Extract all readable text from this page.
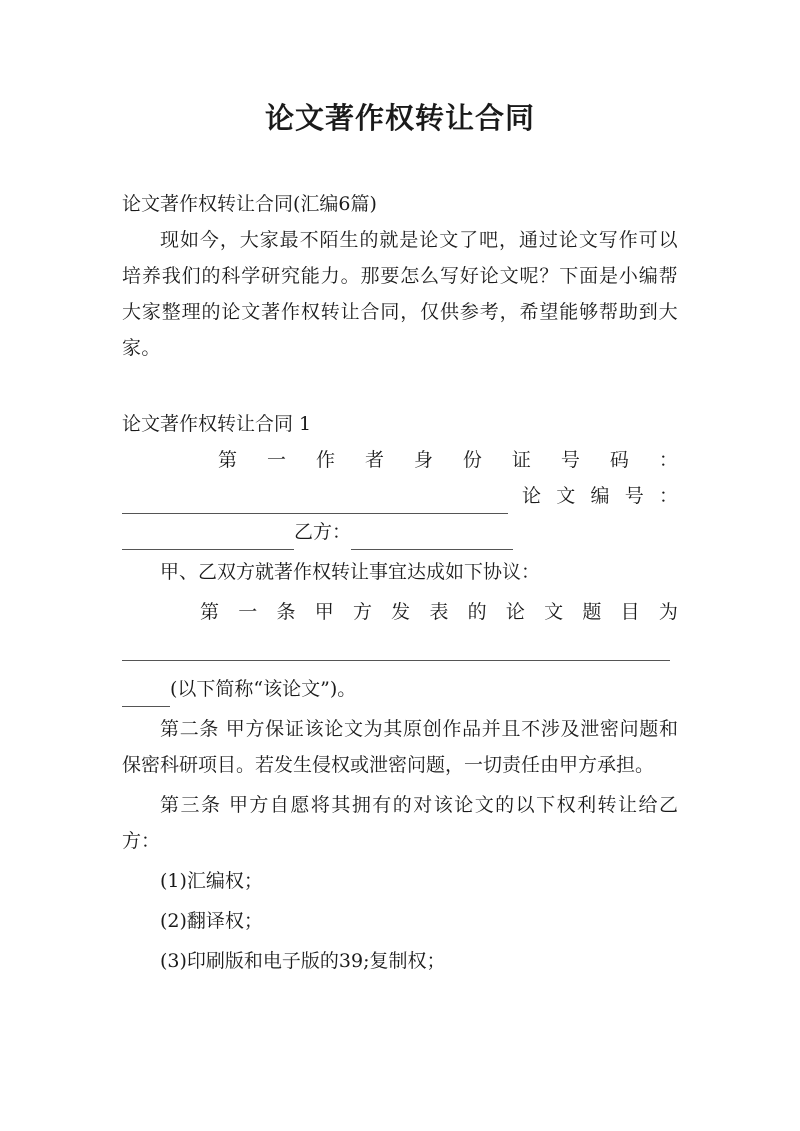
论文著作权转让合同

论文著作权转让合同(汇编6篇)

现如今，大家最不陌生的就是论文了吧，通过论文写作可以培养我们的科学研究能力。那要怎么写好论文呢？下面是小编帮大家整理的论文著作权转让合同，仅供参考，希望能够帮助到大家。

论文著作权转让合同 1

第 一 作 者 身 份 证 号 码 ：
论 文 编 号 ：
乙方：

甲、乙双方就著作权转让事宜达成如下协议：

第 一 条 甲 方 发 表 的 论 文 题 目 为
(以下简称“该论文”)。

第二条 甲方保证该论文为其原创作品并且不涉及泄密问题和保密科研项目。若发生侵权或泄密问题，一切责任由甲方承担。

第三条 甲方自愿将其拥有的对该论文的以下权利转让给乙方：

(1)汇编权；

(2)翻译权；

(3)印刷版和电子版的39;复制权；
